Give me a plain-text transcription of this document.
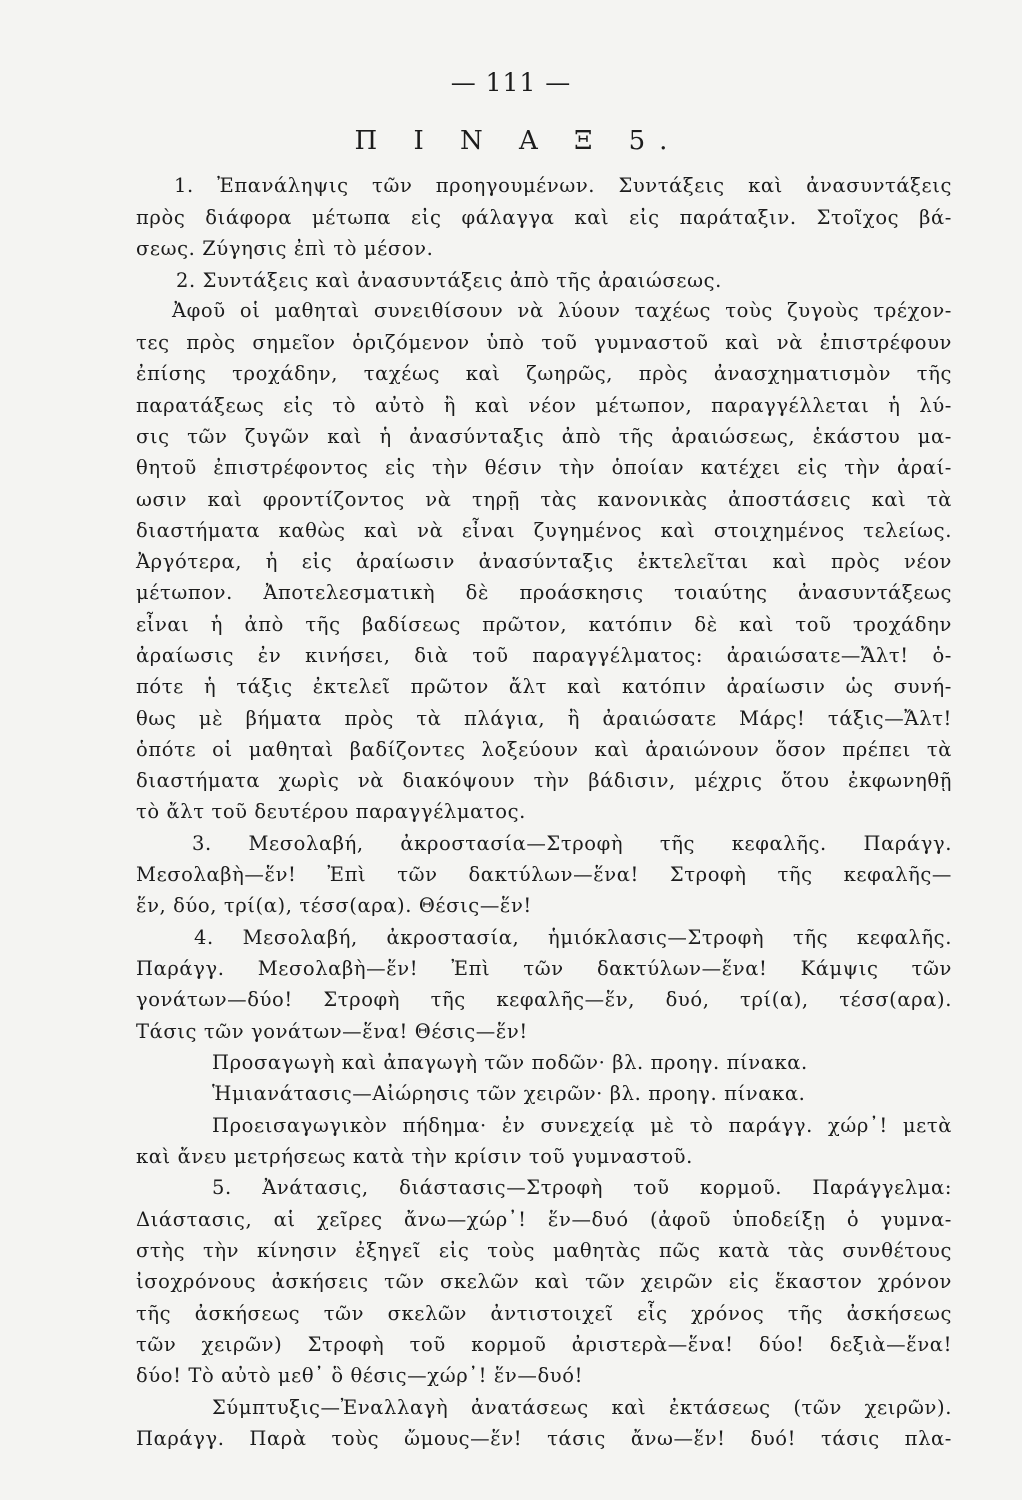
— 111 —
Π Ι Ν Α Ξ 5.
1. Ἐπανάληψις τῶν προηγουμένων. Συντάξεις καὶ ἀνασυντάξεις
πρὸς διάφορα μέτωπα εἰς φάλαγγα καὶ εἰς παράταξιν. Στοῖχος βά-
σεως. Ζύγησις ἐπὶ τὸ μέσον.
2. Συντάξεις καὶ ἀνασυντάξεις ἀπὸ τῆς ἀραιώσεως.
Ἀφοῦ οἱ μαθηταὶ συνειθίσουν νὰ λύουν ταχέως τοὺς ζυγοὺς τρέχον-
τες πρὸς σημεῖον ὁριζόμενον ὑπὸ τοῦ γυμναστοῦ καὶ νὰ ἐπιστρέφουν
ἐπίσης τροχάδην, ταχέως καὶ ζωηρῶς, πρὸς ἀνασχηματισμὸν τῆς
παρατάξεως εἰς τὸ αὐτὸ ἢ καὶ νέον μέτωπον, παραγγέλλεται ἡ λύ-
σις τῶν ζυγῶν καὶ ἡ ἀνασύνταξις ἀπὸ τῆς ἀραιώσεως, ἑκάστου μα-
θητοῦ ἐπιστρέφοντος εἰς τὴν θέσιν τὴν ὁποίαν κατέχει εἰς τὴν ἀραί-
ωσιν καὶ φροντίζοντος νὰ τηρῇ τὰς κανονικὰς ἀποστάσεις καὶ τὰ
διαστήματα καθὼς καὶ νὰ εἶναι ζυγημένος καὶ στοιχημένος τελείως.
Ἀργότερα, ἡ εἰς ἀραίωσιν ἀνασύνταξις ἐκτελεῖται καὶ πρὸς νέον
μέτωπον. Ἀποτελεσματικὴ δὲ προάσκησις τοιαύτης ἀνασυντάξεως
εἶναι ἡ ἀπὸ τῆς βαδίσεως πρῶτον, κατόπιν δὲ καὶ τοῦ τροχάδην
ἀραίωσις ἐν κινήσει, διὰ τοῦ παραγγέλματος: ἀραιώσατε—Ἄλτ! ὁ-
πότε ἡ τάξις ἐκτελεῖ πρῶτον ἄλτ καὶ κατόπιν ἀραίωσιν ὡς συνή-
θως μὲ βήματα πρὸς τὰ πλάγια, ἢ ἀραιώσατε Μάρς! τάξις—Ἄλτ!
ὁπότε οἱ μαθηταὶ βαδίζοντες λοξεύουν καὶ ἀραιώνουν ὅσον πρέπει τὰ
διαστήματα χωρὶς νὰ διακόψουν τὴν βάδισιν, μέχρις ὅτου ἐκφωνηθῇ
τὸ ἄλτ τοῦ δευτέρου παραγγέλματος.
3. Μεσολαβή, ἀκροστασία—Στροφὴ τῆς κεφαλῆς. Παράγγ.
Μεσολαβὴ—ἕν! Ἐπὶ τῶν δακτύλων—ἕνα! Στροφὴ τῆς κεφαλῆς—
ἕν, δύο, τρί(α), τέσσ(αρα). Θέσις—ἕν!
4. Μεσολαβή, ἀκροστασία, ἡμιόκλασις—Στροφὴ τῆς κεφαλῆς.
Παράγγ. Μεσολαβὴ—ἕν! Ἐπὶ τῶν δακτύλων—ἕνα! Κάμψις τῶν
γονάτων—δύο! Στροφὴ τῆς κεφαλῆς—ἕν, δυό, τρί(α), τέσσ(αρα).
Τάσις τῶν γονάτων—ἕνα! Θέσις—ἕν!
Προσαγωγὴ καὶ ἀπαγωγὴ τῶν ποδῶν· βλ. προηγ. πίνακα.
Ἡμιανάτασις—Αἰώρησις τῶν χειρῶν· βλ. προηγ. πίνακα.
Προεισαγωγικὸν πήδημα· ἐν συνεχείᾳ μὲ τὸ παράγγ. χώρ᾽! μετὰ
καὶ ἄνευ μετρήσεως κατὰ τὴν κρίσιν τοῦ γυμναστοῦ.
5. Ἀνάτασις, διάστασις—Στροφὴ τοῦ κορμοῦ. Παράγγελμα:
Διάστασις, αἱ χεῖρες ἄνω—χώρ᾽! ἕν—δυό (ἀφοῦ ὑποδείξῃ ὁ γυμνα-
στὴς τὴν κίνησιν ἐξηγεῖ εἰς τοὺς μαθητὰς πῶς κατὰ τὰς συνθέτους
ἰσοχρόνους ἀσκήσεις τῶν σκελῶν καὶ τῶν χειρῶν εἰς ἕκαστον χρόνον
τῆς ἀσκήσεως τῶν σκελῶν ἀντιστοιχεῖ εἷς χρόνος τῆς ἀσκήσεως
τῶν χειρῶν) Στροφὴ τοῦ κορμοῦ ἀριστερὰ—ἕνα! δύο! δεξιὰ—ἕνα!
δύο! Τὸ αὐτὸ μεθ᾽ ὃ θέσις—χώρ᾽! ἕν—δυό!
Σύμπτυξις—Ἐναλλαγὴ ἀνατάσεως καὶ ἐκτάσεως (τῶν χειρῶν).
Παράγγ. Παρὰ τοὺς ὤμους—ἕν! τάσις ἄνω—ἕν! δυό! τάσις πλα-
